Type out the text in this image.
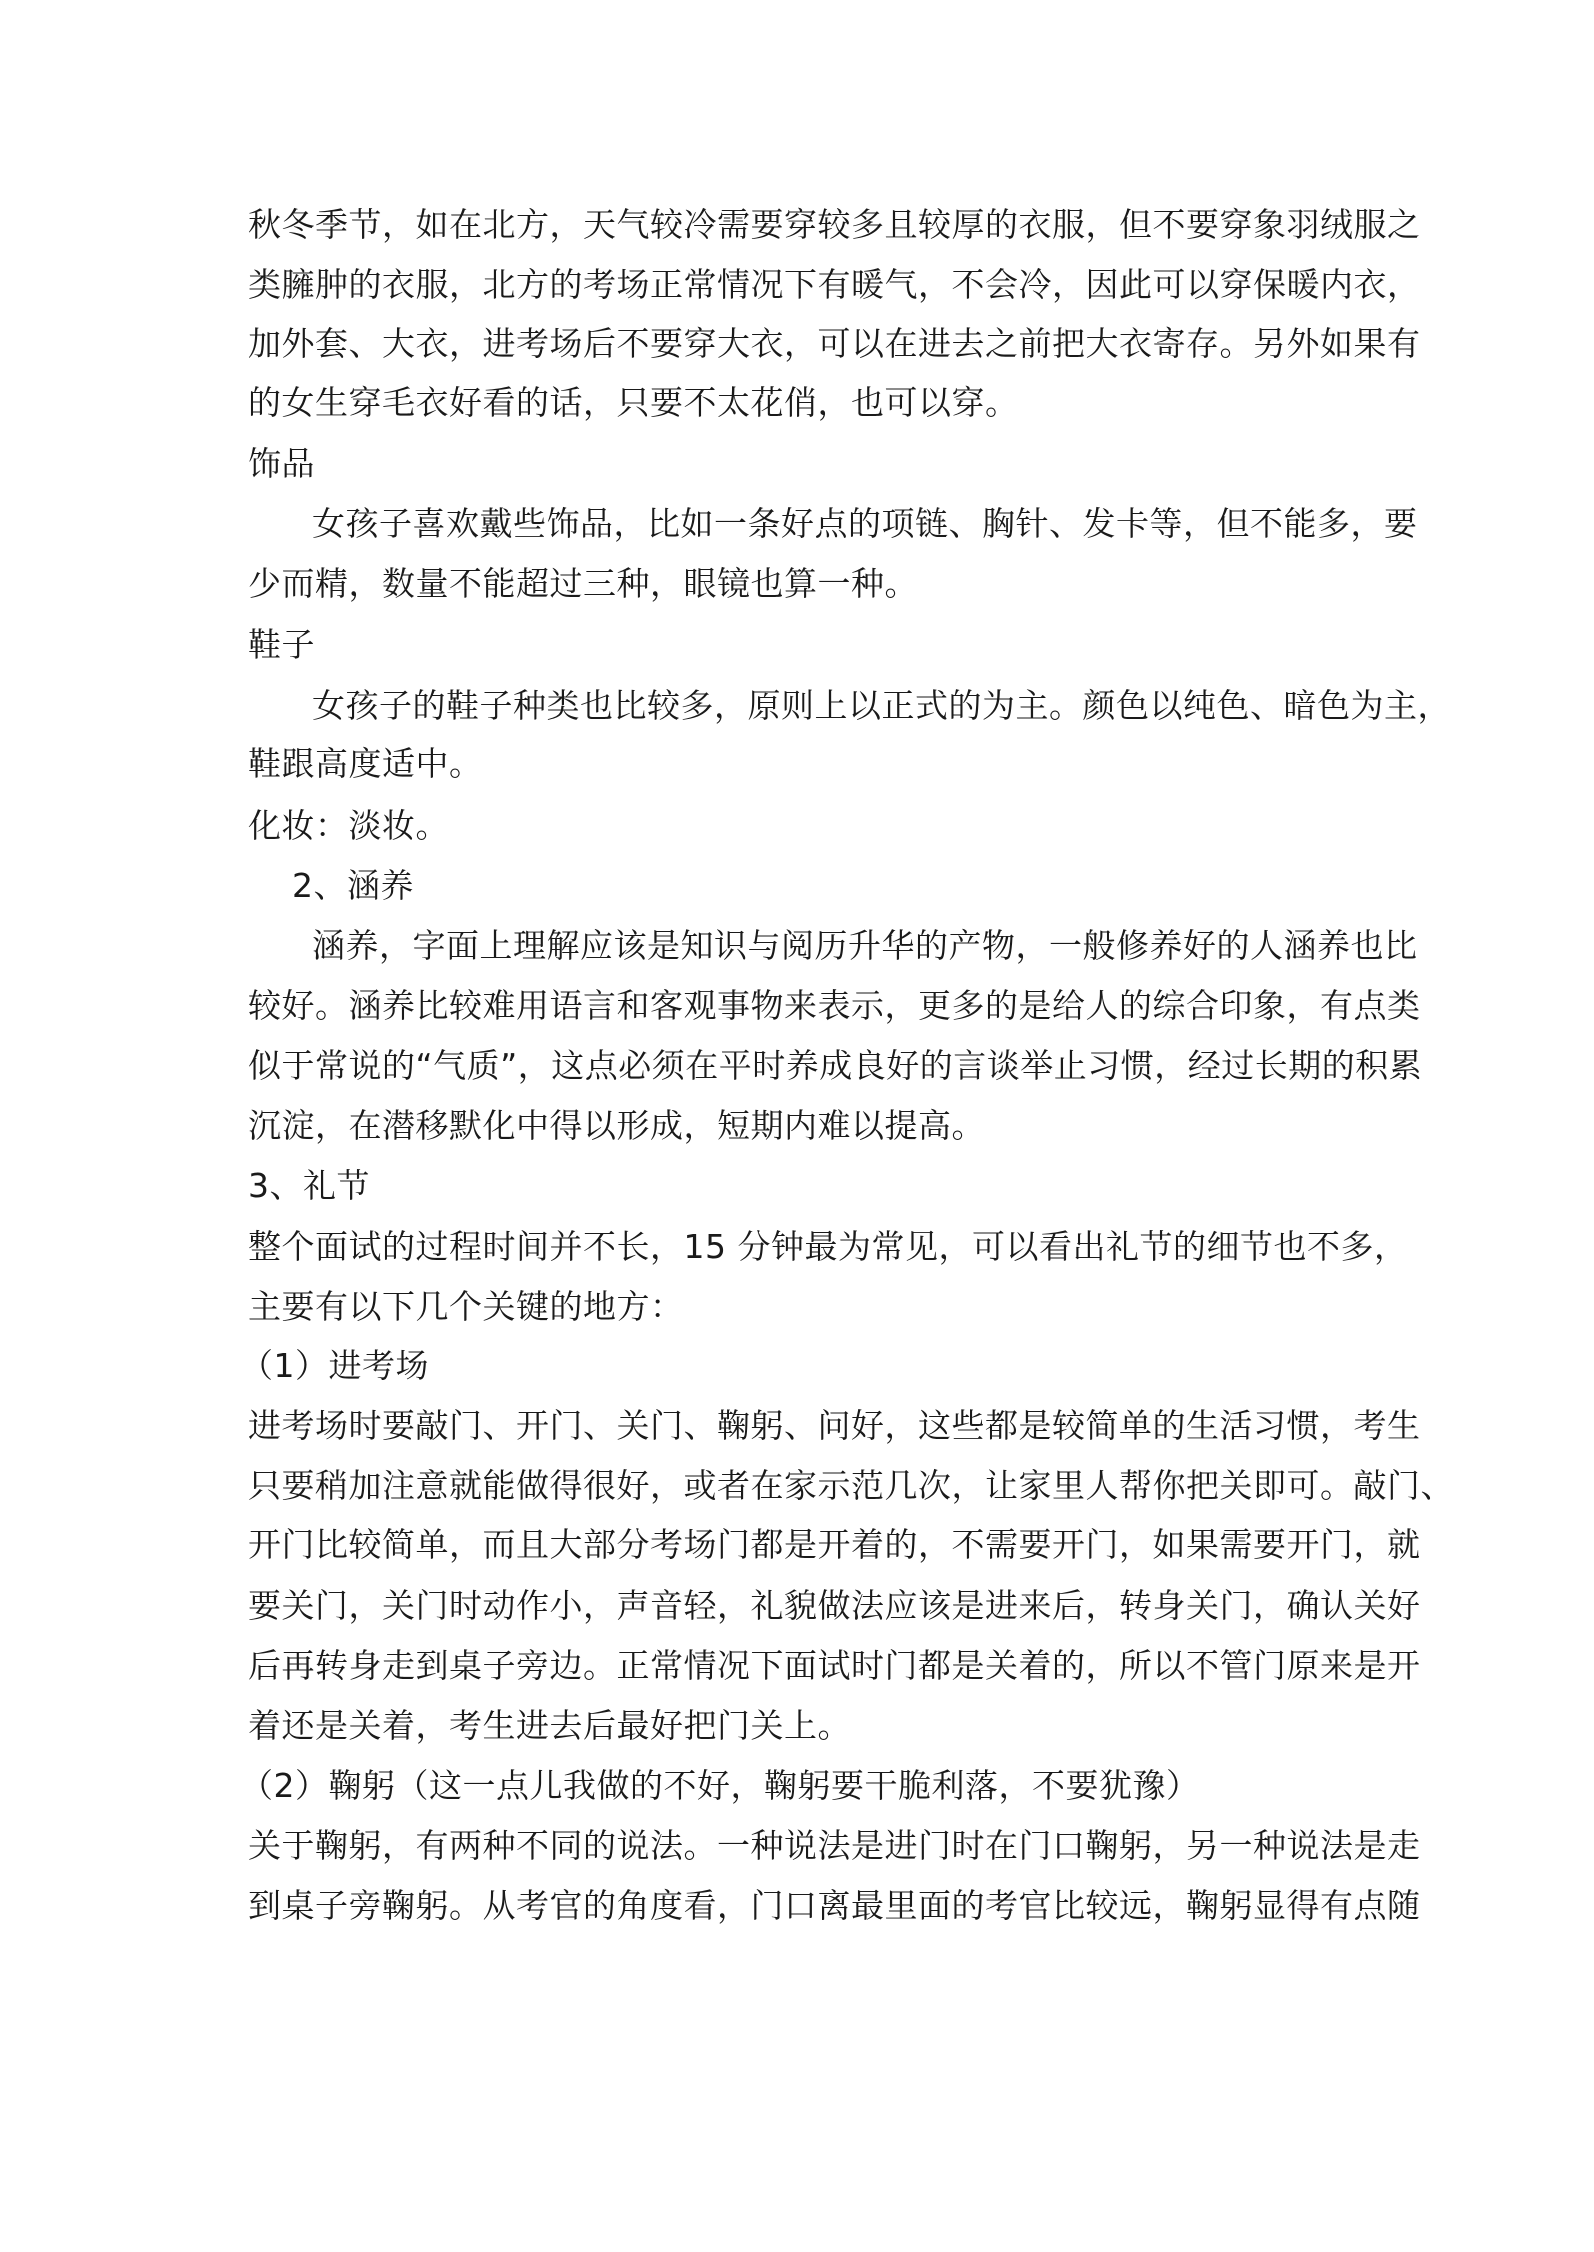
秋冬季节，如在北方，天气较冷需要穿较多且较厚的衣服，但不要穿象羽绒服之

类臃肿的衣服，北方的考场正常情况下有暖气，不会冷，因此可以穿保暖内衣，

加外套、大衣，进考场后不要穿大衣，可以在进去之前把大衣寄存。另外如果有

的女生穿毛衣好看的话，只要不太花俏，也可以穿。

饰品

女孩子喜欢戴些饰品，比如一条好点的项链、胸针、发卡等，但不能多，要

少而精，数量不能超过三种，眼镜也算一种。

鞋子

女孩子的鞋子种类也比较多，原则上以正式的为主。颜色以纯色、暗色为主，

鞋跟高度适中。

化妆：淡妆。

2、涵养

涵养，字面上理解应该是知识与阅历升华的产物，一般修养好的人涵养也比

较好。涵养比较难用语言和客观事物来表示，更多的是给人的综合印象，有点类

似于常说的“气质”，这点必须在平时养成良好的言谈举止习惯，经过长期的积累

沉淀，在潜移默化中得以形成，短期内难以提高。

3、礼节

整个面试的过程时间并不长，15 分钟最为常见，可以看出礼节的细节也不多，

主要有以下几个关键的地方：

（1）进考场

进考场时要敲门、开门、关门、鞠躬、问好，这些都是较简单的生活习惯，考生

只要稍加注意就能做得很好，或者在家示范几次，让家里人帮你把关即可。敲门、

开门比较简单，而且大部分考场门都是开着的，不需要开门，如果需要开门，就

要关门，关门时动作小，声音轻，礼貌做法应该是进来后，转身关门，确认关好

后再转身走到桌子旁边。正常情况下面试时门都是关着的，所以不管门原来是开

着还是关着，考生进去后最好把门关上。

（2）鞠躬（这一点儿我做的不好，鞠躬要干脆利落，不要犹豫）

关于鞠躬，有两种不同的说法。一种说法是进门时在门口鞠躬，另一种说法是走

到桌子旁鞠躬。从考官的角度看，门口离最里面的考官比较远，鞠躬显得有点随
